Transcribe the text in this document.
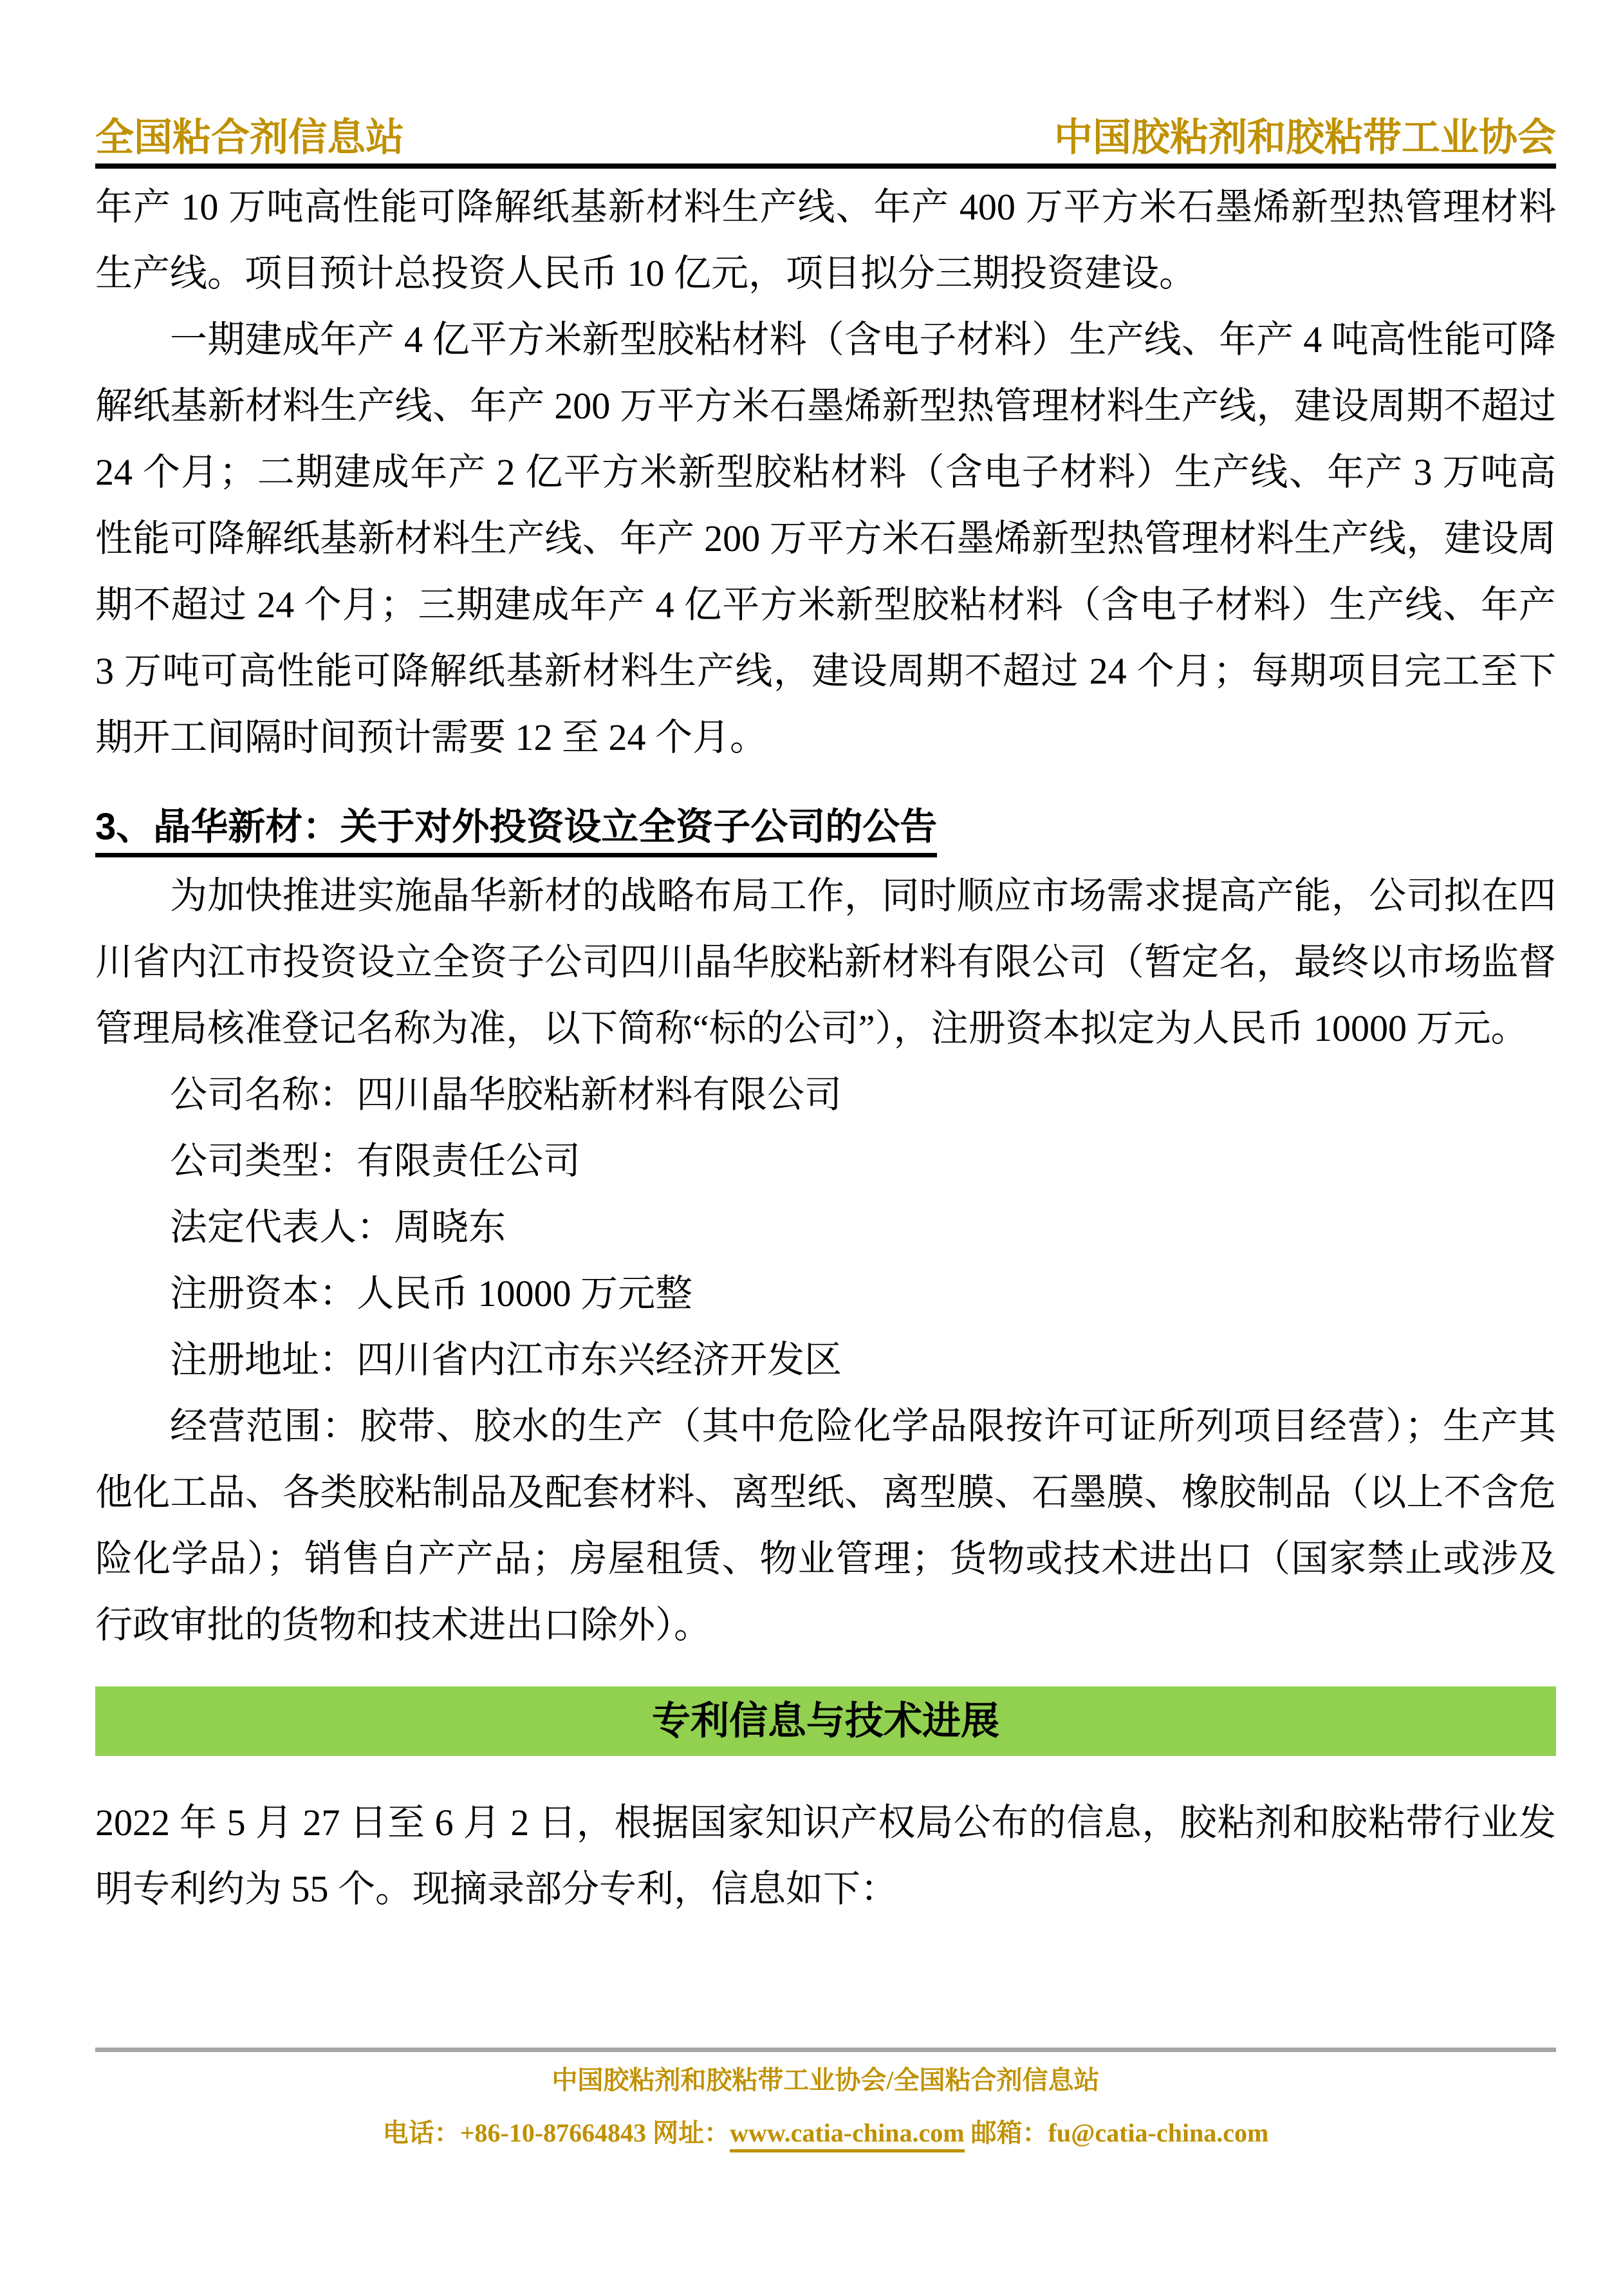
全国粘合剂信息站	中国胶粘剂和胶粘带工业协会

年产 10 万吨高性能可降解纸基新材料生产线、年产 400 万平方米石墨烯新型热管理材料生产线。项目预计总投资人民币 10 亿元，项目拟分三期投资建设。

一期建成年产 4 亿平方米新型胶粘材料（含电子材料）生产线、年产 4 吨高性能可降解纸基新材料生产线、年产 200 万平方米石墨烯新型热管理材料生产线，建设周期不超过 24 个月；二期建成年产 2 亿平方米新型胶粘材料（含电子材料）生产线、年产 3 万吨高性能可降解纸基新材料生产线、年产 200 万平方米石墨烯新型热管理材料生产线，建设周期不超过 24 个月；三期建成年产 4 亿平方米新型胶粘材料（含电子材料）生产线、年产 3 万吨可高性能可降解纸基新材料生产线，建设周期不超过 24 个月；每期项目完工至下期开工间隔时间预计需要 12 至 24 个月。

3、晶华新材：关于对外投资设立全资子公司的公告

为加快推进实施晶华新材的战略布局工作，同时顺应市场需求提高产能，公司拟在四川省内江市投资设立全资子公司四川晶华胶粘新材料有限公司（暂定名，最终以市场监督管理局核准登记名称为准，以下简称“标的公司”），注册资本拟定为人民币 10000 万元。

公司名称：四川晶华胶粘新材料有限公司

公司类型：有限责任公司

法定代表人：周晓东

注册资本：人民币 10000 万元整

注册地址：四川省内江市东兴经济开发区

经营范围：胶带、胶水的生产（其中危险化学品限按许可证所列项目经营）；生产其他化工品、各类胶粘制品及配套材料、离型纸、离型膜、石墨膜、橡胶制品（以上不含危险化学品）；销售自产产品；房屋租赁、物业管理；货物或技术进出口（国家禁止或涉及行政审批的货物和技术进出口除外）。

专利信息与技术进展

2022 年 5 月 27 日至 6 月 2 日，根据国家知识产权局公布的信息，胶粘剂和胶粘带行业发明专利约为 55 个。现摘录部分专利，信息如下：

中国胶粘剂和胶粘带工业协会/全国粘合剂信息站
电话：+86-10-87664843 网址：www.catia-china.com 邮箱：fu@catia-china.com
